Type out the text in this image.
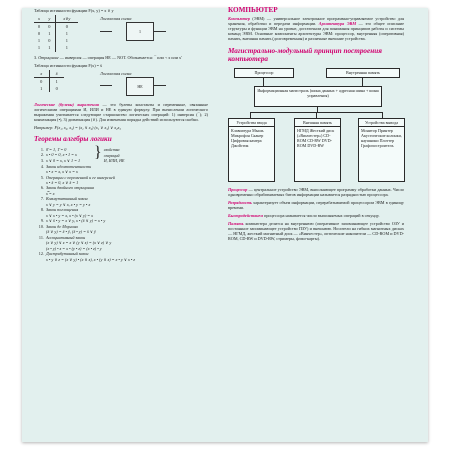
Таблица истинности функции F(x, y) = x ∨ y
x	y	x∨y
0	0	0
0	1	1
1	0	1
1	1	1
Логическая схема
1
3. Отрицание — инверсия — операция НЕ — NOT. Обозначается: ¯ или ¬ x или x′
Таблица истинности функции F(x) = x̄
x	x̄
0	1
1	0
Логическая схема
НЕ
Логические (булевы) выражения — это булевы константы и переменные, связанные логическими операциями И, ИЛИ и НЕ в единую формулу. При вычислении логического выражения учитывается следующие старшинство логических операций: 1) инверсия (¯); 2) конъюнкция (•), 3) дизъюнкция (∨). Для изменения порядка действий используются скобки.
Например: F(x₁, x₂, x₃) = (x₁ ∨ x₂) (x₁ ∨ x₃) ∨ x₂x₃
Теоремы алгебры логики
1. 0̄ = 1, 1̄ = 0
2. x • 0 = 0, x • 1 = x
3. x ∨ 0 = x, x ∨ 1 = 1 } свойства
операций
И, ИЛИ, НЕ
4. Закон идемпотентности
x • x = x, x ∨ x = x
5. Операции с переменной и ее инверсией
x • x̄ = 0, x ∨ x̄ = 1
6. Закон двойного отрицания
x̿ = x
7. Коммутативный закон
x ∨ y = y ∨ x, x • y = y • x
8. Закон поглощения
x ∨ x • y = x, x • (x ∨ y) = x
9. x ∨ x̄ • y = x ∨ y, x • (x̄ ∨ y) = x • y
10. Закон де Моргана
(x̄ ∨ y) = x̄ • ȳ, (x̄ • y) = x̄ ∨ ȳ
11. Ассоциативный закон
(x ∨ y) ∨ z = x ∨ (y ∨ z) = (x ∨ z) ∨ y
(x • y) • z = x • (y • z) = (x • z) • y
12. Дистрибутивный закон
x • y ∨ z = (x ∨ y) • (x ∨ z), x • (y ∨ z) = x • y ∨ x • z
КОМПЬЮТЕР
Компьютер (ЭВМ) — универсальное электронное программно-управляемое устройство для хранения, обработки и передачи информации. Архитектура ЭВМ — это общее описание структуры и функции ЭВМ на уровне, достаточном для понимания принципов работы и системы команд ЭВМ. Основные компоненты архитектуры ЭВМ: процессор, внутренняя (оперативная) память, внешняя память (долговременная) и различные внешние устройства.
Магистрально-модульный принцип построения компьютера
Процессор	Внутренняя память
Информационная магистраль (шина данных + адресная шина + шина управления)
Устройства ввода
Клавиатура Мышь Микрофон Сканер Цифровая камера Джойстик
Внешняя память
НГМД Жесткий диск («Винчестер») CD-ROM CD-RW DVD-ROM DVD-RW
Устройства вывода
Монитор Принтер Акустические колонки, наушники Плоттер Графопостроитель
Процессор — центральное устройство ЭВМ, выполняющее программу обработки данных. Число одновременно обрабатываемых битов информации называется разрядностью процессора.
Разрядность характеризует объем информации, перерабатываемой процессором ЭВМ в единицу времени.
Быстродействием процессора называется число выполняемых операций в секунду.
Память компьютера делится на внутреннюю (оперативное запоминающее устройство ОЗУ и постоянное запоминающее устройство ПЗУ) и внешнюю. Носители на гибких магнитных дисках — НГМД, жесткий магнитный диск — «Винчестер», оптические накопители — CD-ROM и DVD-ROM, CD-RW и DVD-RW, стримеры, флэш-карты).
